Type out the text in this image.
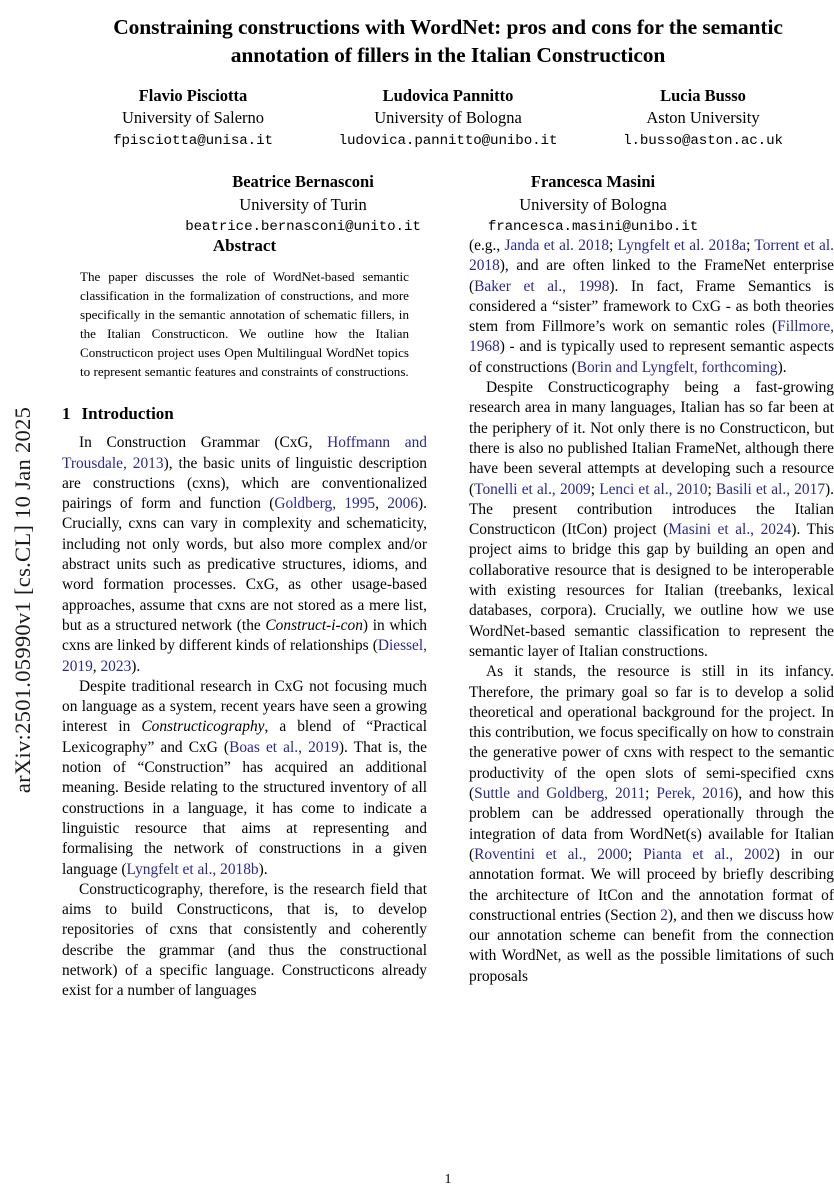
arXiv:2501.05990v1 [cs.CL] 10 Jan 2025
Constraining constructions with WordNet: pros and cons for the semantic annotation of fillers in the Italian Constructicon
Flavio Pisciotta
University of Salerno
fpisciotta@unisa.it
Ludovica Pannitto
University of Bologna
ludovica.pannitto@unibo.it
Lucia Busso
Aston University
l.busso@aston.ac.uk
Beatrice Bernasconi
University of Turin
beatrice.bernasconi@unito.it
Francesca Masini
University of Bologna
francesca.masini@unibo.it
Abstract
The paper discusses the role of WordNet-based semantic classification in the formalization of constructions, and more specifically in the semantic annotation of schematic fillers, in the Italian Constructicon. We outline how the Italian Constructicon project uses Open Multilingual WordNet topics to represent semantic features and constraints of constructions.
1 Introduction

In Construction Grammar (CxG, Hoffmann and Trousdale, 2013), the basic units of linguistic description are constructions (cxns), which are conventionalized pairings of form and function (Goldberg, 1995, 2006). Crucially, cxns can vary in complexity and schematicity, including not only words, but also more complex and/or abstract units such as predicative structures, idioms, and word formation processes. CxG, as other usage-based approaches, assume that cxns are not stored as a mere list, but as a structured network (the Construct-i-con) in which cxns are linked by different kinds of relationships (Diessel, 2019, 2023).

Despite traditional research in CxG not focusing much on language as a system, recent years have seen a growing interest in Constructicography, a blend of “Practical Lexicography” and CxG (Boas et al., 2019). That is, the notion of “Construction” has acquired an additional meaning. Beside relating to the structured inventory of all constructions in a language, it has come to indicate a linguistic resource that aims at representing and formalising the network of constructions in a given language (Lyngfelt et al., 2018b).

Constructicography, therefore, is the research field that aims to build Constructicons, that is, to develop repositories of cxns that consistently and coherently describe the grammar (and thus the constructional network) of a specific language. Constructicons already exist for a number of languages

(e.g., Janda et al. 2018; Lyngfelt et al. 2018a; Torrent et al. 2018), and are often linked to the FrameNet enterprise (Baker et al., 1998). In fact, Frame Semantics is considered a “sister” framework to CxG - as both theories stem from Fillmore’s work on semantic roles (Fillmore, 1968) - and is typically used to represent semantic aspects of constructions (Borin and Lyngfelt, forthcoming).

Despite Constructicography being a fast-growing research area in many languages, Italian has so far been at the periphery of it. Not only there is no Constructicon, but there is also no published Italian FrameNet, although there have been several attempts at developing such a resource (Tonelli et al., 2009; Lenci et al., 2010; Basili et al., 2017). The present contribution introduces the Italian Constructicon (ItCon) project (Masini et al., 2024). This project aims to bridge this gap by building an open and collaborative resource that is designed to be interoperable with existing resources for Italian (treebanks, lexical databases, corpora). Crucially, we outline how we use WordNet-based semantic classification to represent the semantic layer of Italian constructions.

As it stands, the resource is still in its infancy. Therefore, the primary goal so far is to develop a solid theoretical and operational background for the project. In this contribution, we focus specifically on how to constrain the generative power of cxns with respect to the semantic productivity of the open slots of semi-specified cxns (Suttle and Goldberg, 2011; Perek, 2016), and how this problem can be addressed operationally through the integration of data from WordNet(s) available for Italian (Roventini et al., 2000; Pianta et al., 2002) in our annotation format. We will proceed by briefly describing the architecture of ItCon and the annotation format of constructional entries (Section 2), and then we discuss how our annotation scheme can benefit from the connection with WordNet, as well as the possible limitations of such proposals

1
